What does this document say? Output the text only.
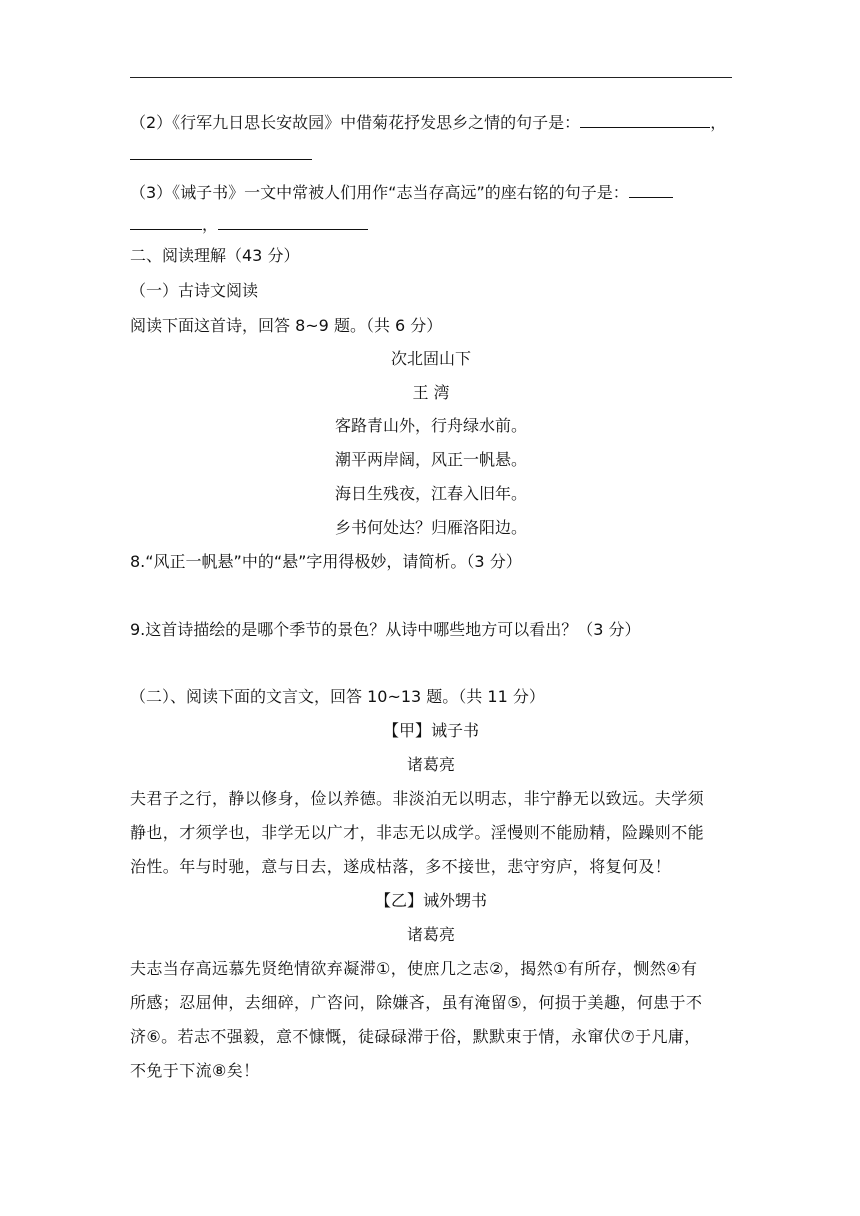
（2）《行军九日思长安故园》中借菊花抒发思乡之情的句子是：	，
（3）《诫子书》一文中常被人们用作“志当存高远”的座右铭的句子是：
，
二、阅读理解（43 分）
（一）古诗文阅读
阅读下面这首诗，回答 8~9 题。（共 6 分）
次北固山下
王 湾
客路青山外，行舟绿水前。
潮平两岸阔，风正一帆悬。
海日生残夜，江春入旧年。
乡书何处达？归雁洛阳边。
8.“风正一帆悬”中的“悬”字用得极妙，请简析。（3 分）
9.这首诗描绘的是哪个季节的景色？从诗中哪些地方可以看出？（3 分）
（二）、阅读下面的文言文，回答 10~13 题。（共 11 分）
【甲】诫子书
诸葛亮
夫君子之行，静以修身，俭以养德。非淡泊无以明志，非宁静无以致远。夫学须
静也，才须学也，非学无以广才，非志无以成学。淫慢则不能励精，险躁则不能
治性。年与时驰，意与日去，遂成枯落，多不接世，悲守穷庐，将复何及！
【乙】诫外甥书
诸葛亮
夫志当存高远慕先贤绝情欲弃凝滞①，使庶几之志②，揭然①有所存，恻然④有
所感；忍屈伸，去细碎，广咨问，除嫌吝，虽有淹留⑤，何损于美趣，何患于不
济⑥。若志不强毅，意不慷慨，徒碌碌滞于俗，默默束于情，永窜伏⑦于凡庸，
不免于下流⑧矣！
